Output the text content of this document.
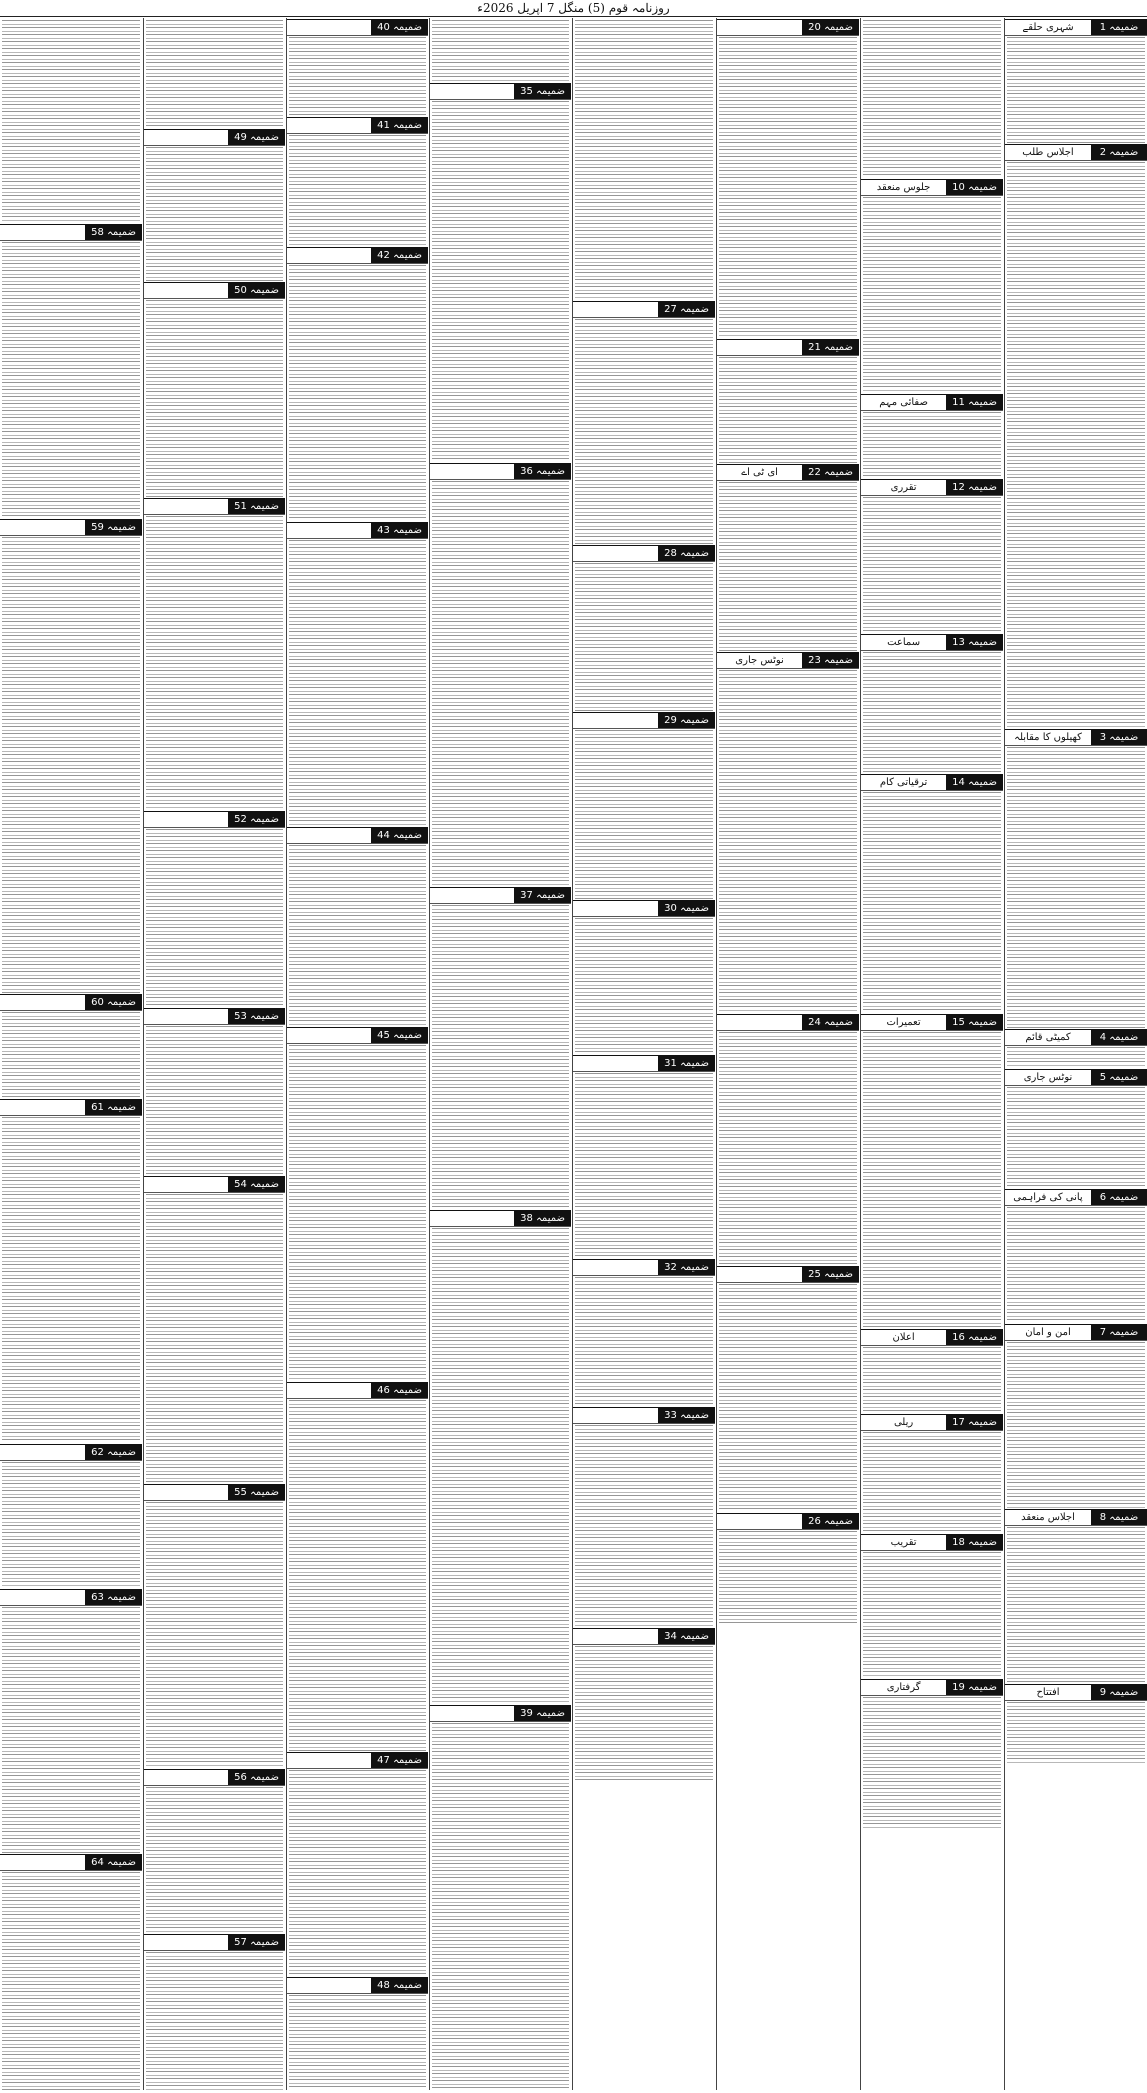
روزنامہ قوم (5) منگل 7 اپریل 2026ء
ضمیمہ 1
شہری حلقے
ضمیمہ 2
اجلاس طلب
ضمیمہ 3
کھیلوں کا مقابلہ
ضمیمہ 4
کمیٹی قائم
ضمیمہ 5
نوٹس جاری
ضمیمہ 6
پانی کی فراہمی
ضمیمہ 7
امن و امان
ضمیمہ 8
اجلاس منعقد
ضمیمہ 9
افتتاح
ضمیمہ 10
جلوس منعقد
ضمیمہ 11
صفائی مہم
ضمیمہ 12
تقرری
ضمیمہ 13
سماعت
ضمیمہ 14
ترقیاتی کام
ضمیمہ 15
تعمیرات
ضمیمہ 16
اعلان
ضمیمہ 17
ریلی
ضمیمہ 18
تقریب
ضمیمہ 19
گرفتاری
ضمیمہ 20
ضمیمہ 21
ضمیمہ 22
ای ٹی اے
ضمیمہ 23
نوٹس جاری
ضمیمہ 24
ضمیمہ 25
ضمیمہ 26
ضمیمہ 27
ضمیمہ 28
ضمیمہ 29
ضمیمہ 30
ضمیمہ 31
ضمیمہ 32
ضمیمہ 33
ضمیمہ 34
ضمیمہ 35
ضمیمہ 36
ضمیمہ 37
ضمیمہ 38
ضمیمہ 39
ضمیمہ 40
ضمیمہ 41
ضمیمہ 42
ضمیمہ 43
ضمیمہ 44
ضمیمہ 45
ضمیمہ 46
ضمیمہ 47
ضمیمہ 48
ضمیمہ 49
ضمیمہ 50
ضمیمہ 51
ضمیمہ 52
ضمیمہ 53
ضمیمہ 54
ضمیمہ 55
ضمیمہ 56
ضمیمہ 57
ضمیمہ 58
ضمیمہ 59
ضمیمہ 60
ضمیمہ 61
ضمیمہ 62
ضمیمہ 63
ضمیمہ 64
